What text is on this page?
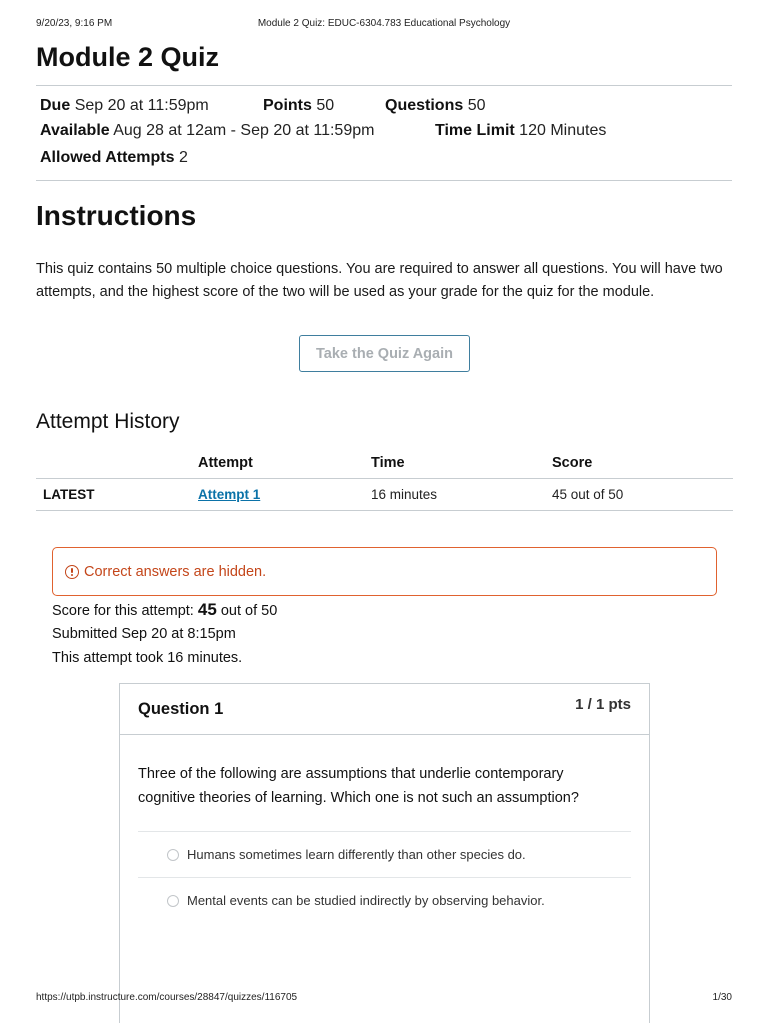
9/20/23, 9:16 PM	Module 2 Quiz: EDUC-6304.783 Educational Psychology
Module 2 Quiz
Due Sep 20 at 11:59pm	Points 50	Questions 50
Available Aug 28 at 12am - Sep 20 at 11:59pm	Time Limit 120 Minutes
Allowed Attempts 2
Instructions

This quiz contains 50 multiple choice questions. You are required to answer all questions. You will have two attempts, and the highest score of the two will be used as your grade for the quiz for the module.

Take the Quiz Again
Attempt History
	Attempt	Time	Score
LATEST	Attempt 1	16 minutes	45 out of 50
Correct answers are hidden.
Score for this attempt: 45 out of 50
Submitted Sep 20 at 8:15pm
This attempt took 16 minutes.
Question 1	1 / 1 pts

Three of the following are assumptions that underlie contemporary cognitive theories of learning. Which one is not such an assumption?

Humans sometimes learn differently than other species do.
Mental events can be studied indirectly by observing behavior.
https://utpb.instructure.com/courses/28847/quizzes/116705	1/30
